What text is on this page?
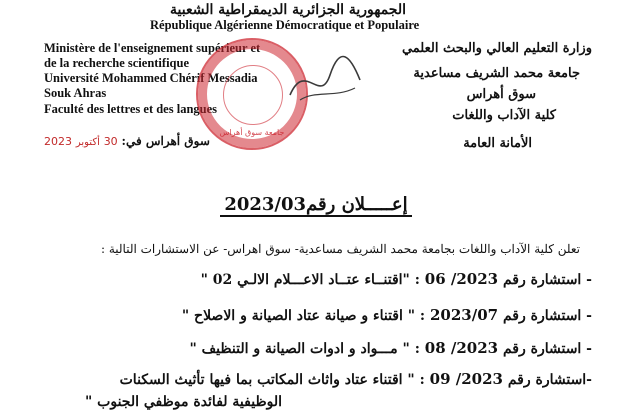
الجمهورية الجزائرية الديمقراطية الشعبية
République Algérienne Démocratique et Populaire
Ministère de l'enseignement supérieur et
de la recherche scientifique
Université Mohammed Chérif Messadia
Souk Ahras
Faculté des lettres et des langues
وزارة التعليم العالي والبحث العلمي
جامعة محمد الشريف مساعدية
سوق أهراس
كلية الآداب واللغات
جامعة سوق أهراس
2023 أكتوبر 30 سوق أهراس في:	الأمانة العامة
إعـــــلان رقم2023/03
تعلن كلية الآداب واللغات بجامعة محمد الشريف مساعدية- سوق اهراس- عن الاستشارات التالية :
- استشارة رقم 06 /2023 : "اقتنــاء عتــاد الاعـــلام الالـي 02 "
- استشارة رقم 2023/07 : " اقتناء و صيانة عتاد الصيانة و الاصلاح "
- استشارة رقم 08 /2023 : " مـــواد و ادوات الصيانة و التنظيف "
-استشارة رقم 09 /2023 : " اقتناء عتاد واثاث المكاتب بما فيها تأثيث السكنات
الوظيفية لفائدة موظفي الجنوب "
